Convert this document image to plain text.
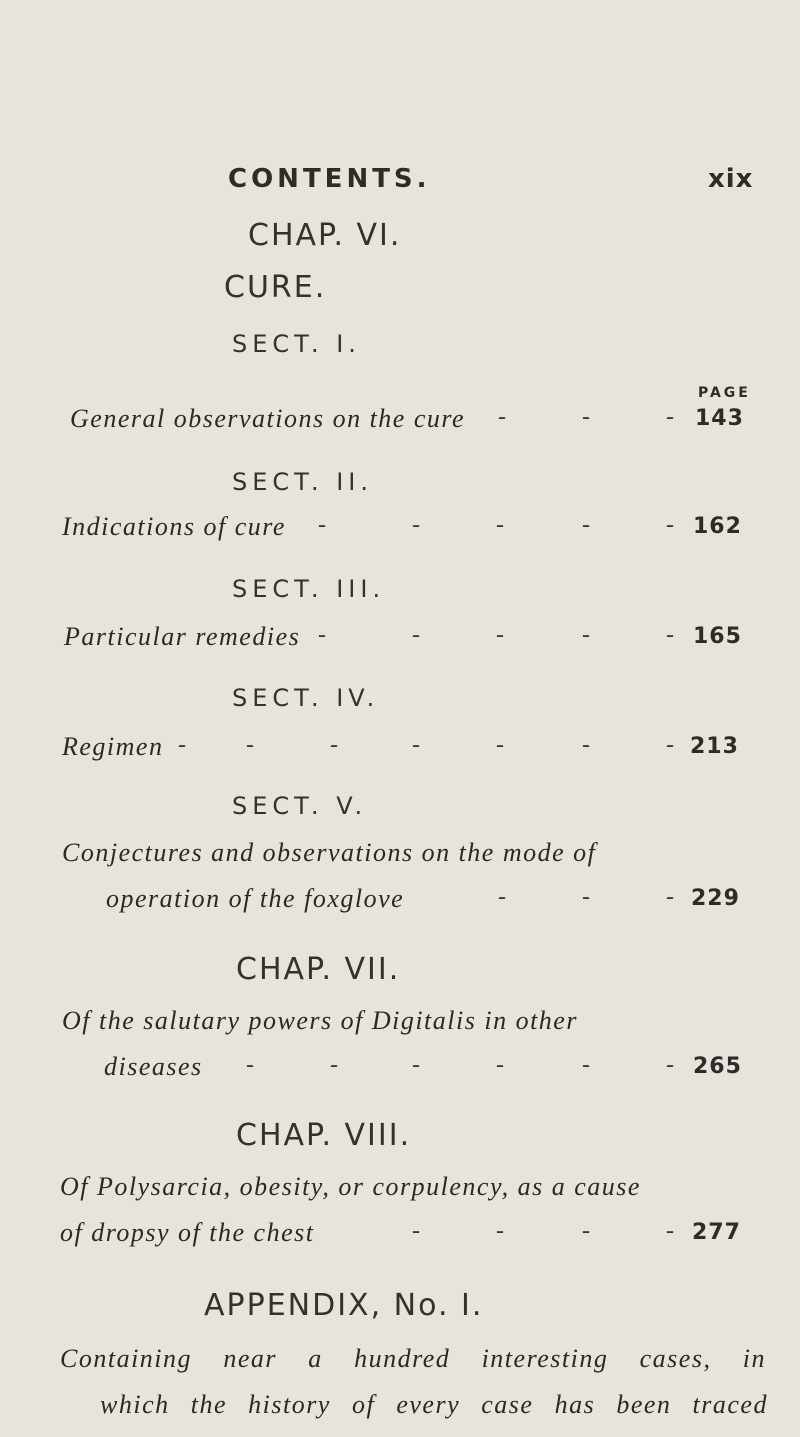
CONTENTS.	xix
CHAP. VI.
CURE.
SECT. I.
PAGE
General observations on the cure -	-	- 143
SECT. II.
Indications of cure -	-	-	-	- 162
SECT. III.
Particular remedies -	-	-	-	- 165
SECT. IV.
Regimen -	-	-	-	-	-	- 213
SECT. V.
Conjectures and observations on the mode of
operation of the foxglove	-	-	- 229
CHAP. VII.
Of the salutary powers of Digitalis in other
diseases -	-	-	-	-	- 265
CHAP. VIII.
Of Polysarcia, obesity, or corpulency, as a cause
of dropsy of the chest	-	-	-	- 277
APPENDIX, No. I.
Containing near a hundred interesting cases, in
which the history of every case has been traced
